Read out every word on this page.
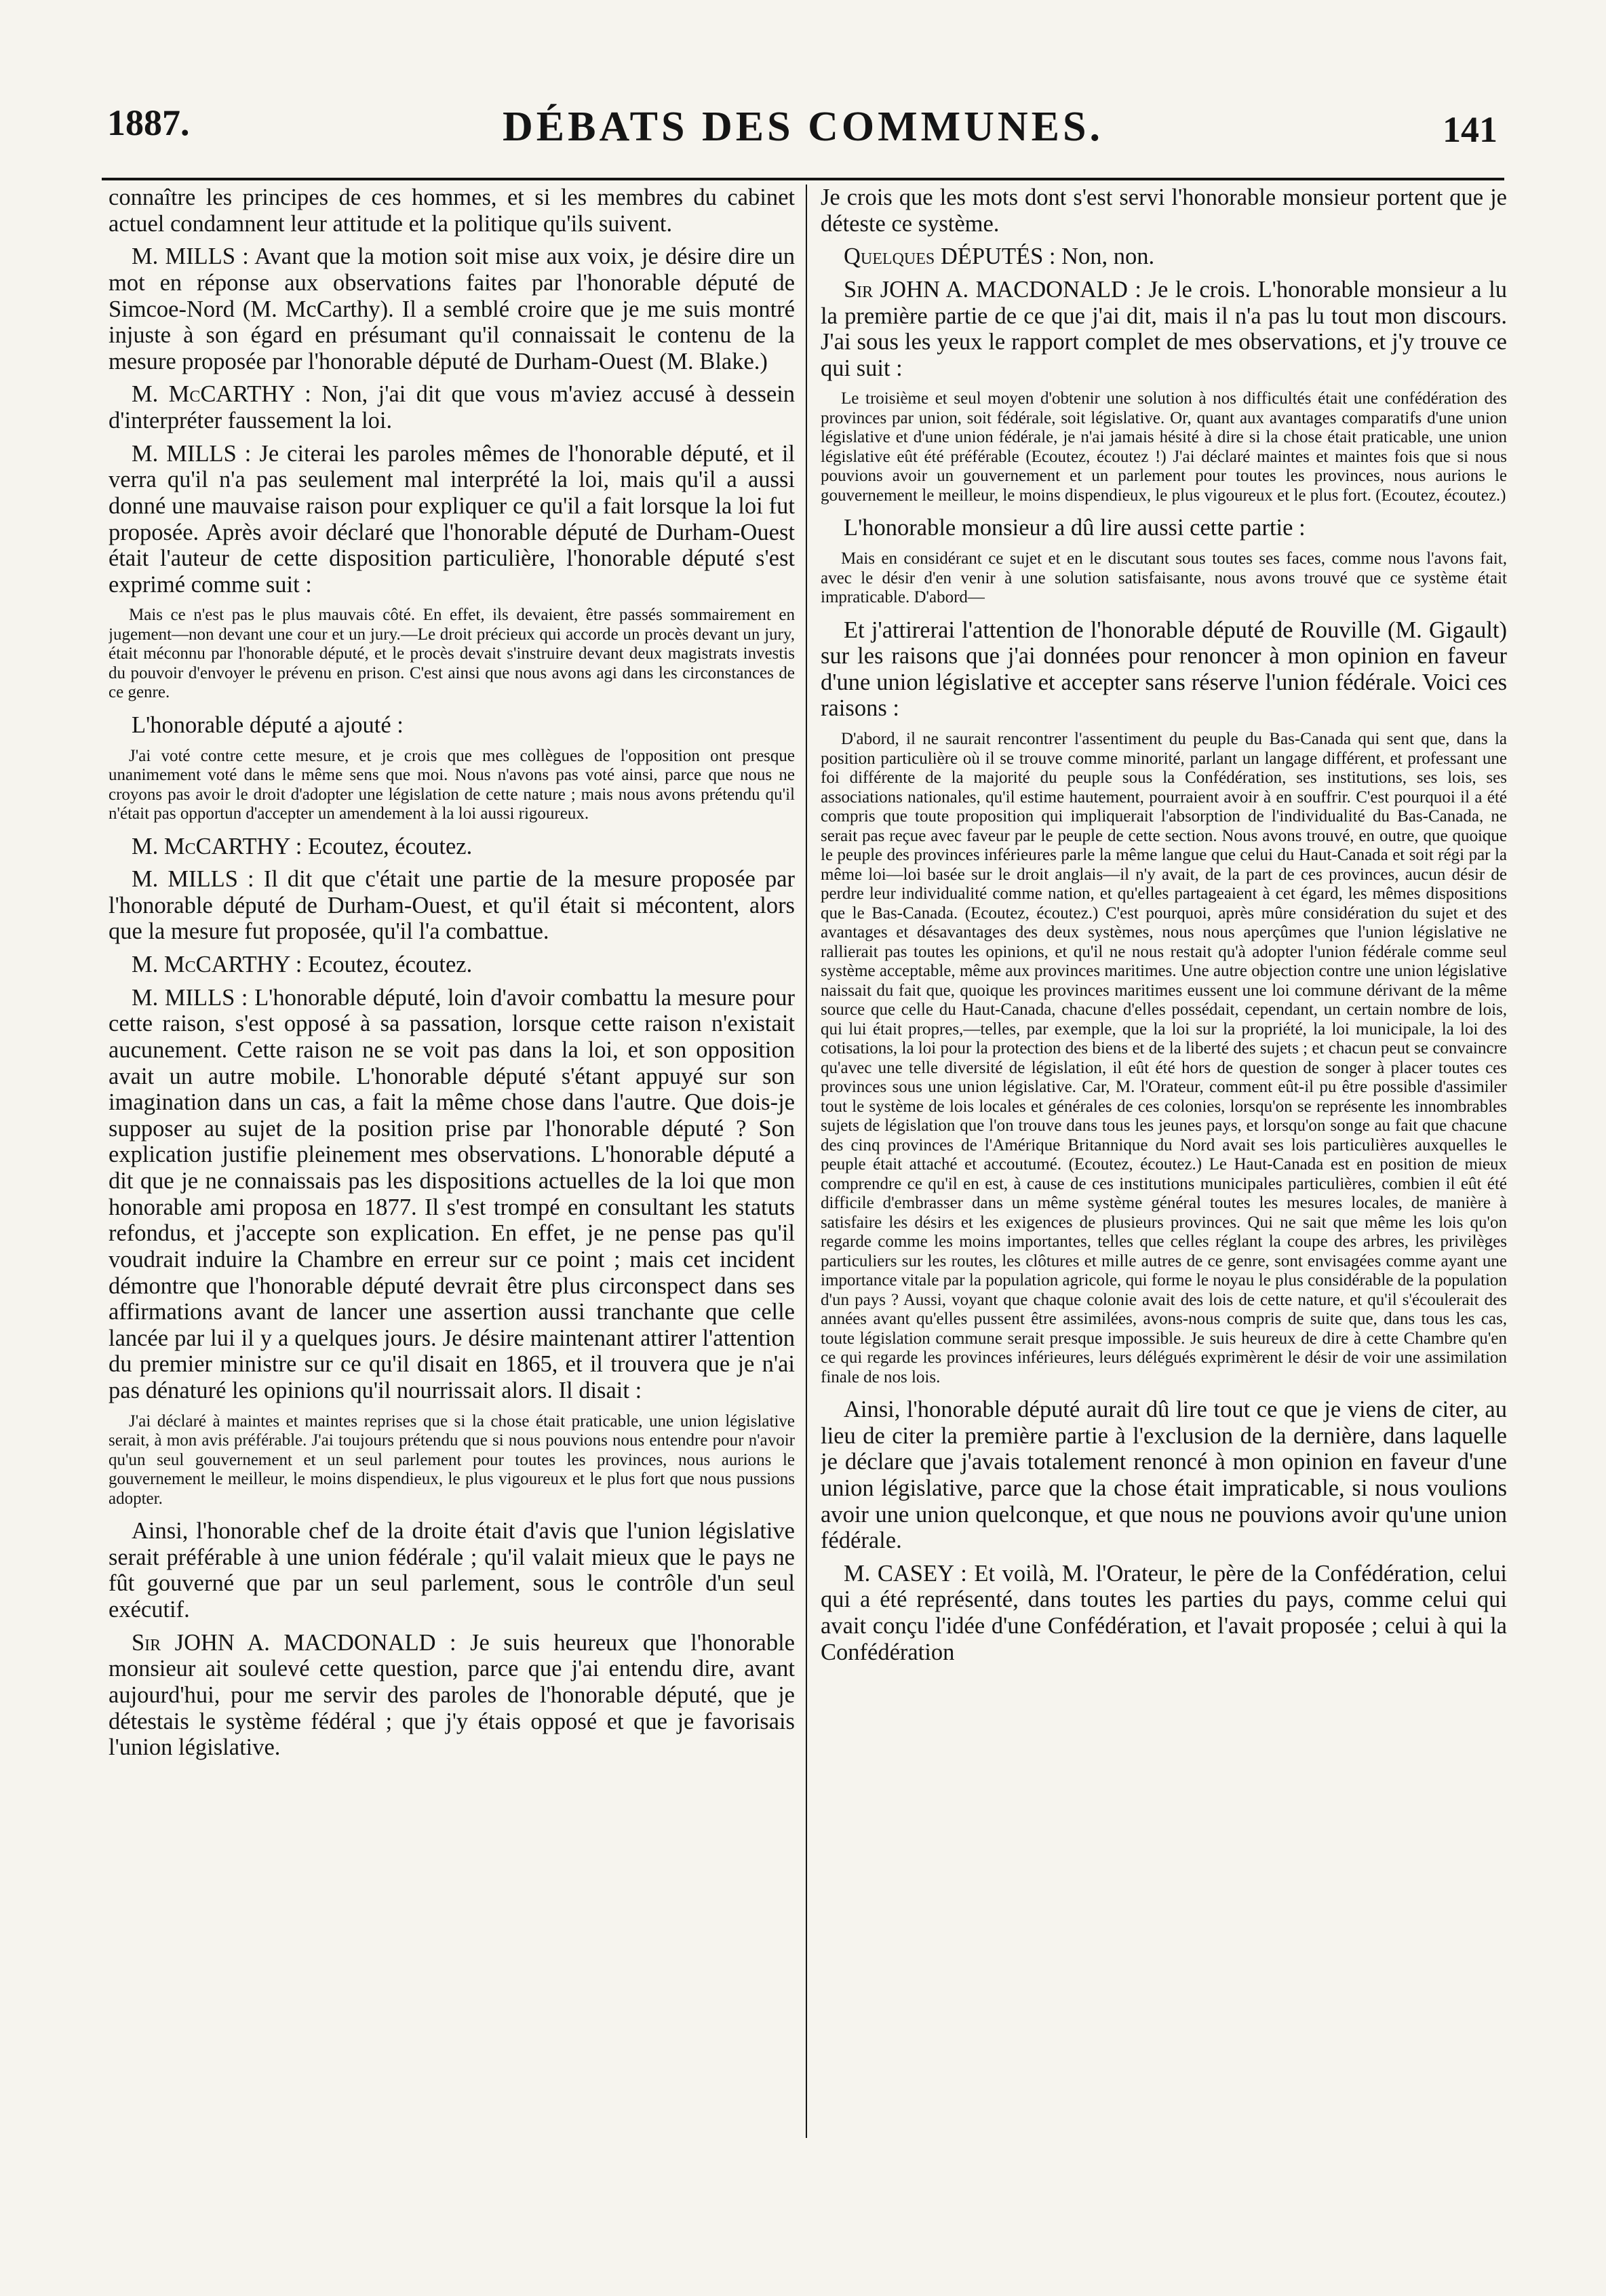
1887.	DÉBATS DES COMMUNES.	141

connaître les principes de ces hommes, et si les membres du cabinet actuel condamnent leur attitude et la politique qu'ils suivent.

M. MILLS : Avant que la motion soit mise aux voix, je désire dire un mot en réponse aux observations faites par l'honorable député de Simcoe-Nord (M. McCarthy). Il a semblé croire que je me suis montré injuste à son égard en présumant qu'il connaissait le contenu de la mesure proposée par l'honorable député de Durham-Ouest (M. Blake.)

M. McCARTHY : Non, j'ai dit que vous m'aviez accusé à dessein d'interpréter faussement la loi.

M. MILLS : Je citerai les paroles mêmes de l'honorable député, et il verra qu'il n'a pas seulement mal interprété la loi, mais qu'il a aussi donné une mauvaise raison pour expliquer ce qu'il a fait lorsque la loi fut proposée. Après avoir déclaré que l'honorable député de Durham-Ouest était l'auteur de cette disposition particulière, l'honorable député s'est exprimé comme suit :

Mais ce n'est pas le plus mauvais côté. En effet, ils devaient, être passés sommairement en jugement—non devant une cour et un jury.—Le droit précieux qui accorde un procès devant un jury, était méconnu par l'honorable député, et le procès devait s'instruire devant deux magistrats investis du pouvoir d'envoyer le prévenu en prison. C'est ainsi que nous avons agi dans les circonstances de ce genre.

L'honorable député a ajouté :

J'ai voté contre cette mesure, et je crois que mes collègues de l'opposition ont presque unanimement voté dans le même sens que moi. Nous n'avons pas voté ainsi, parce que nous ne croyons pas avoir le droit d'adopter une législation de cette nature ; mais nous avons prétendu qu'il n'était pas opportun d'accepter un amendement à la loi aussi rigoureux.

M. McCARTHY : Ecoutez, écoutez.

M. MILLS : Il dit que c'était une partie de la mesure proposée par l'honorable député de Durham-Ouest, et qu'il était si mécontent, alors que la mesure fut proposée, qu'il l'a combattue.

M. McCARTHY : Ecoutez, écoutez.

M. MILLS : L'honorable député, loin d'avoir combattu la mesure pour cette raison, s'est opposé à sa passation, lorsque cette raison n'existait aucunement. Cette raison ne se voit pas dans la loi, et son opposition avait un autre mobile. L'honorable député s'étant appuyé sur son imagination dans un cas, a fait la même chose dans l'autre. Que dois-je supposer au sujet de la position prise par l'honorable député ? Son explication justifie pleinement mes observations. L'honorable député a dit que je ne connaissais pas les dispositions actuelles de la loi que mon honorable ami proposa en 1877. Il s'est trompé en consultant les statuts refondus, et j'accepte son explication. En effet, je ne pense pas qu'il voudrait induire la Chambre en erreur sur ce point ; mais cet incident démontre que l'honorable député devrait être plus circonspect dans ses affirmations avant de lancer une assertion aussi tranchante que celle lancée par lui il y a quelques jours. Je désire maintenant attirer l'attention du premier ministre sur ce qu'il disait en 1865, et il trouvera que je n'ai pas dénaturé les opinions qu'il nourrissait alors. Il disait :

J'ai déclaré à maintes et maintes reprises que si la chose était praticable, une union législative serait, à mon avis préférable. J'ai toujours prétendu que si nous pouvions nous entendre pour n'avoir qu'un seul gouvernement et un seul parlement pour toutes les provinces, nous aurions le gouvernement le meilleur, le moins dispendieux, le plus vigoureux et le plus fort que nous pussions adopter.

Ainsi, l'honorable chef de la droite était d'avis que l'union législative serait préférable à une union fédérale ; qu'il valait mieux que le pays ne fût gouverné que par un seul parlement, sous le contrôle d'un seul exécutif.

Sir JOHN A. MACDONALD : Je suis heureux que l'honorable monsieur ait soulevé cette question, parce que j'ai entendu dire, avant aujourd'hui, pour me servir des paroles de l'honorable député, que je détestais le système fédéral ; que j'y étais opposé et que je favorisais l'union législative.

Je crois que les mots dont s'est servi l'honorable monsieur portent que je déteste ce système.

Quelques DÉPUTÉS : Non, non.

Sir JOHN A. MACDONALD : Je le crois. L'honorable monsieur a lu la première partie de ce que j'ai dit, mais il n'a pas lu tout mon discours. J'ai sous les yeux le rapport complet de mes observations, et j'y trouve ce qui suit :

Le troisième et seul moyen d'obtenir une solution à nos difficultés était une confédération des provinces par union, soit fédérale, soit législative. Or, quant aux avantages comparatifs d'une union législative et d'une union fédérale, je n'ai jamais hésité à dire si la chose était praticable, une union législative eût été préférable (Ecoutez, écoutez !) J'ai déclaré maintes et maintes fois que si nous pouvions avoir un gouvernement et un parlement pour toutes les provinces, nous aurions le gouvernement le meilleur, le moins dispendieux, le plus vigoureux et le plus fort. (Ecoutez, écoutez.)

L'honorable monsieur a dû lire aussi cette partie :

Mais en considérant ce sujet et en le discutant sous toutes ses faces, comme nous l'avons fait, avec le désir d'en venir à une solution satisfaisante, nous avons trouvé que ce système était impraticable. D'abord—

Et j'attirerai l'attention de l'honorable député de Rouville (M. Gigault) sur les raisons que j'ai données pour renoncer à mon opinion en faveur d'une union législative et accepter sans réserve l'union fédérale. Voici ces raisons :

D'abord, il ne saurait rencontrer l'assentiment du peuple du Bas-Canada qui sent que, dans la position particulière où il se trouve comme minorité, parlant un langage différent, et professant une foi différente de la majorité du peuple sous la Confédération, ses institutions, ses lois, ses associations nationales, qu'il estime hautement, pourraient avoir à en souffrir. C'est pourquoi il a été compris que toute proposition qui impliquerait l'absorption de l'individualité du Bas-Canada, ne serait pas reçue avec faveur par le peuple de cette section. Nous avons trouvé, en outre, que quoique le peuple des provinces inférieures parle la même langue que celui du Haut-Canada et soit régi par la même loi—loi basée sur le droit anglais—il n'y avait, de la part de ces provinces, aucun désir de perdre leur individualité comme nation, et qu'elles partageaient à cet égard, les mêmes dispositions que le Bas-Canada. (Ecoutez, écoutez.) C'est pourquoi, après mûre considération du sujet et des avantages et désavantages des deux systèmes, nous nous aperçûmes que l'union législative ne rallierait pas toutes les opinions, et qu'il ne nous restait qu'à adopter l'union fédérale comme seul système acceptable, même aux provinces maritimes. Une autre objection contre une union législative naissait du fait que, quoique les provinces maritimes eussent une loi commune dérivant de la même source que celle du Haut-Canada, chacune d'elles possédait, cependant, un certain nombre de lois, qui lui était propres,—telles, par exemple, que la loi sur la propriété, la loi municipale, la loi des cotisations, la loi pour la protection des biens et de la liberté des sujets ; et chacun peut se convaincre qu'avec une telle diversité de législation, il eût été hors de question de songer à placer toutes ces provinces sous une union législative. Car, M. l'Orateur, comment eût-il pu être possible d'assimiler tout le système de lois locales et générales de ces colonies, lorsqu'on se représente les innombrables sujets de législation que l'on trouve dans tous les jeunes pays, et lorsqu'on songe au fait que chacune des cinq provinces de l'Amérique Britannique du Nord avait ses lois particulières auxquelles le peuple était attaché et accoutumé. (Ecoutez, écoutez.) Le Haut-Canada est en position de mieux comprendre ce qu'il en est, à cause de ces institutions municipales particulières, combien il eût été difficile d'embrasser dans un même système général toutes les mesures locales, de manière à satisfaire les désirs et les exigences de plusieurs provinces. Qui ne sait que même les lois qu'on regarde comme les moins importantes, telles que celles réglant la coupe des arbres, les privilèges particuliers sur les routes, les clôtures et mille autres de ce genre, sont envisagées comme ayant une importance vitale par la population agricole, qui forme le noyau le plus considérable de la population d'un pays ? Aussi, voyant que chaque colonie avait des lois de cette nature, et qu'il s'écoulerait des années avant qu'elles pussent être assimilées, avons-nous compris de suite que, dans tous les cas, toute législation commune serait presque impossible. Je suis heureux de dire à cette Chambre qu'en ce qui regarde les provinces inférieures, leurs délégués exprimèrent le désir de voir une assimilation finale de nos lois.

Ainsi, l'honorable député aurait dû lire tout ce que je viens de citer, au lieu de citer la première partie à l'exclusion de la dernière, dans laquelle je déclare que j'avais totalement renoncé à mon opinion en faveur d'une union législative, parce que la chose était impraticable, si nous voulions avoir une union quelconque, et que nous ne pouvions avoir qu'une union fédérale.

M. CASEY : Et voilà, M. l'Orateur, le père de la Confédération, celui qui a été représenté, dans toutes les parties du pays, comme celui qui avait conçu l'idée d'une Confédération, et l'avait proposée ; celui à qui la Confédération
